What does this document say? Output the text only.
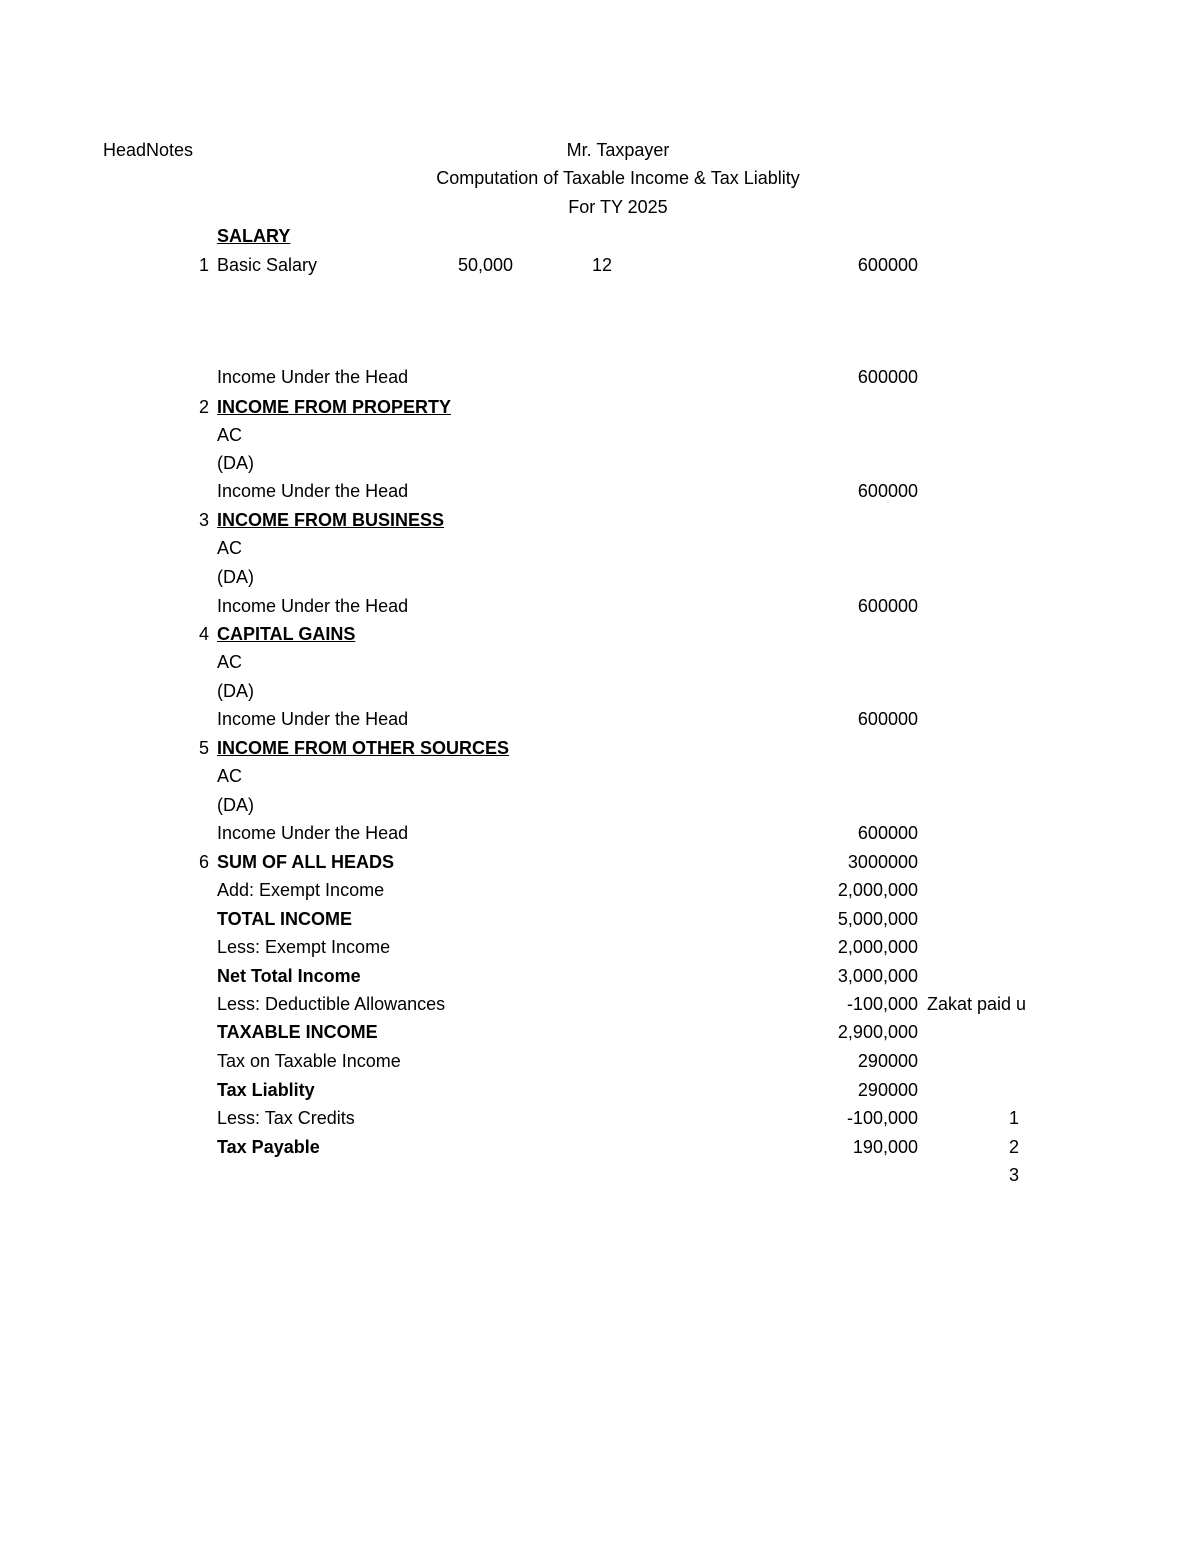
HeadNotes	Mr. Taxpayer
Computation of Taxable Income & Tax Liablity
For TY 2025
SALARY
1 Basic Salary	50,000	12	600000
Income Under the Head	600000
2 INCOME FROM PROPERTY
AC
(DA)
Income Under the Head	600000
3 INCOME FROM BUSINESS
AC
(DA)
Income Under the Head	600000
4 CAPITAL GAINS
AC
(DA)
Income Under the Head	600000
5 INCOME FROM OTHER SOURCES
AC
(DA)
Income Under the Head	600000
6 SUM OF ALL HEADS	3000000
Add: Exempt Income	2,000,000
TOTAL INCOME	5,000,000
Less: Exempt Income	2,000,000
Net Total Income	3,000,000
Less: Deductible Allowances	-100,000 Zakat paid u
TAXABLE INCOME	2,900,000
Tax on Taxable Income	290000
Tax Liablity	290000
Less: Tax Credits	-100,000	1
Tax Payable	190,000	2
3
